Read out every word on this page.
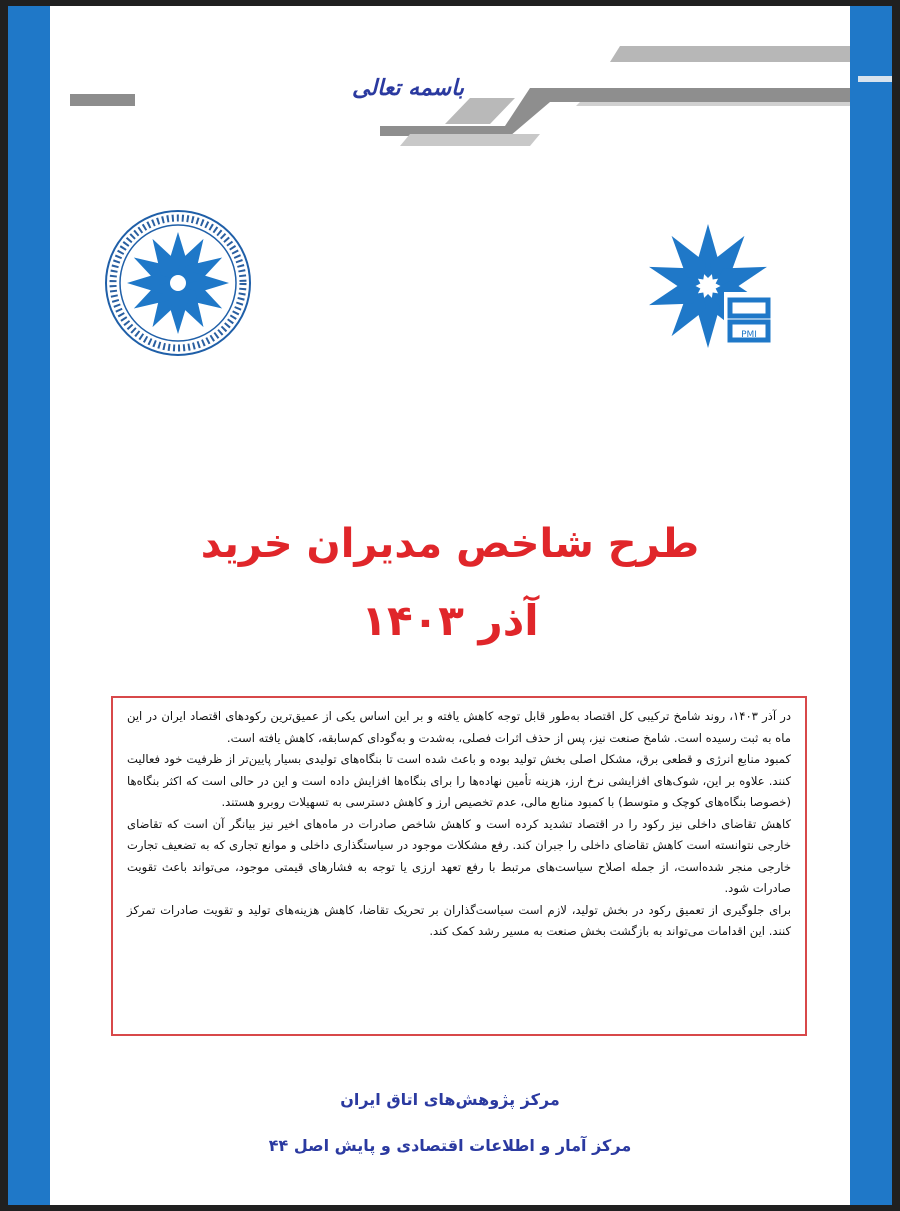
باسمه تعالی
PMI
طرح شاخص مدیران خرید
آذر ۱۴۰۳

در آذر ۱۴۰۳، روند شامخ ترکیبی کل اقتصاد به‌طور قابل توجه کاهش یافته و بر این اساس یکی از عمیق‌ترین رکودهای اقتصاد ایران در این ماه به ثبت رسیده است. شامخ صنعت نیز، پس از حذف اثرات فصلی، به‌شدت و به‌گودای کم‌سابقه، کاهش یافته است.

کمبود منابع انرژی و قطعی برق، مشکل اصلی بخش تولید بوده و باعث شده است تا بنگاه‌های تولیدی بسیار پایین‌تر از ظرفیت خود فعالیت کنند. علاوه بر این، شوک‌های افزایشی نرخ ارز، هزینه تأمین نهاده‌ها را برای بنگاه‌ها افزایش داده است و این در حالی است که اکثر بنگاه‌ها (خصوصا بنگاه‌های کوچک و متوسط) با کمبود منابع مالی، عدم تخصیص ارز و کاهش دسترسی به تسهیلات روبرو هستند.

کاهش تقاضای داخلی نیز رکود را در اقتصاد تشدید کرده است و کاهش شاخص صادرات در ماه‌های اخیر نیز بیانگر آن است که تقاضای خارجی نتوانسته است کاهش تقاضای داخلی را جبران کند. رفع مشکلات موجود در سیاستگذاری داخلی و موانع تجاری که به تضعیف تجارت خارجی منجر شده‌است، از جمله اصلاح سیاست‌های مرتبط با رفع تعهد ارزی یا توجه به فشارهای قیمتی موجود، می‌تواند باعث تقویت صادرات شود.

برای جلوگیری از تعمیق رکود در بخش تولید، لازم است سیاست‌گذاران بر تحریک تقاضا، کاهش هزینه‌های تولید و تقویت صادرات تمرکز کنند. این اقدامات می‌تواند به بازگشت بخش صنعت به مسیر رشد کمک کند.

مرکز پژوهش‌های اتاق ایران
مرکز آمار و اطلاعات اقتصادی و پایش اصل ۴۴
